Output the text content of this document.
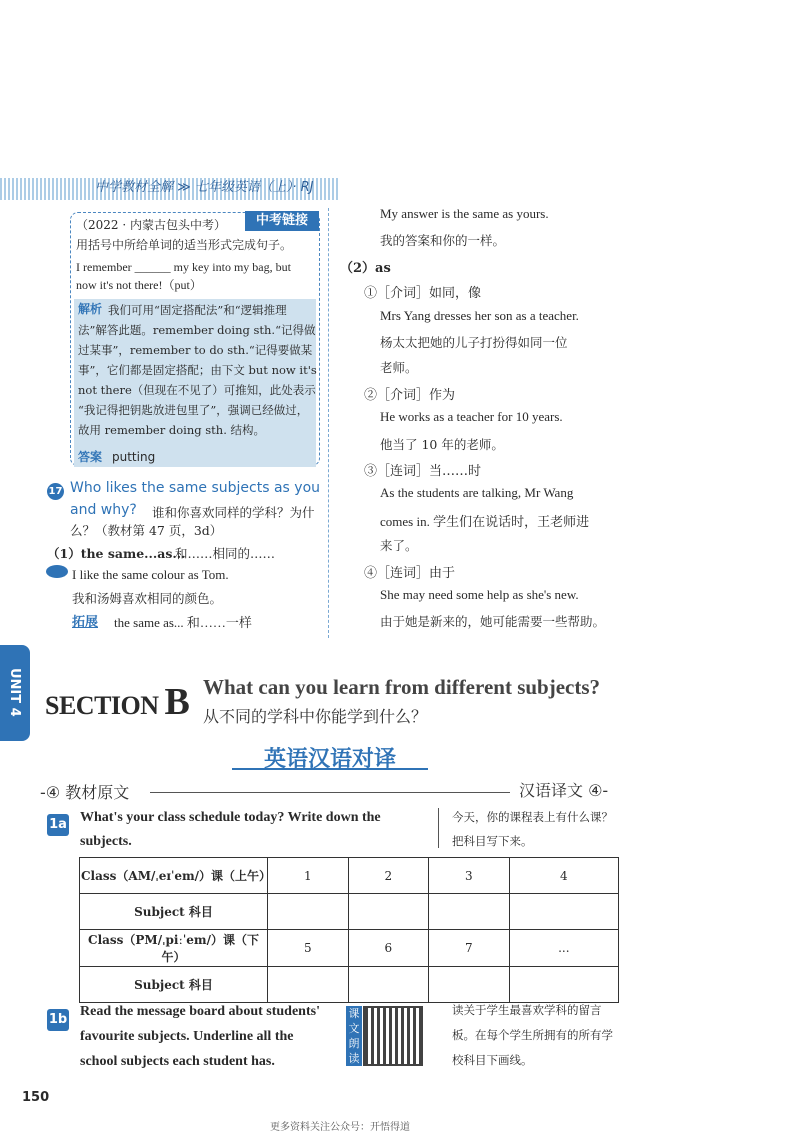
中学教材全解 ≫ 七年级英语（上）· RJ
中考链接
（2022 · 内蒙古包头中考）
用括号中所给单词的适当形式完成句子。
I remember ______ my key into my bag, but
now it's not there!（put）
解析 我们可用“固定搭配法”和“逻辑推理
法”解答此题。remember doing sth.“记得做
过某事”，remember to do sth.“记得要做某
事”，它们都是固定搭配；由下文 but now it's
not there（但现在不见了）可推知，此处表示
“我记得把钥匙放进包里了”，强调已经做过，
故用 remember doing sth. 结构。
答案 putting
17 Who likes the same subjects as you
and why? 谁和你喜欢同样的学科？为什
么？（教材第 47 页，3d）
（1）the same...as...
和……相同的……
I like the same colour as Tom.
我和汤姆喜欢相同的颜色。
拓展 the same as... 和……一样
My answer is the same as yours.
我的答案和你的一样。
（2）as
①［介词］如同，像
Mrs Yang dresses her son as a teacher.
杨太太把她的儿子打扮得如同一位
老师。
②［介词］作为
He works as a teacher for 10 years.
他当了 10 年的老师。
③［连词］当……时
As the students are talking, Mr Wang
comes in. 学生们在说话时，王老师进
来了。
④［连词］由于
She may need some help as she's new.
由于她是新来的，她可能需要一些帮助。
UNIT 4 SECTION B What can you learn from different subjects?
从不同的学科中你能学到什么？
英语汉语对译
-④ 教材原文	汉语译文 ④-
1a What's your class schedule today? Write down the
subjects.
今天，你的课程表上有什么课？
把科目写下来。
Class（AM/ˌeɪˈem/）课（上午）	1	2	3	4
Subject 科目				
Class（PM/ˌpiːˈem/）课（下午）	5	6	7	...
Subject 科目				
1b
Read the message board about students'
favourite subjects. Underline all the
school subjects each student has.
课文朗读
读关于学生最喜欢学科的留言
板。在每个学生所拥有的所有学
校科目下画线。
150
更多资料关注公众号：开悟得道
